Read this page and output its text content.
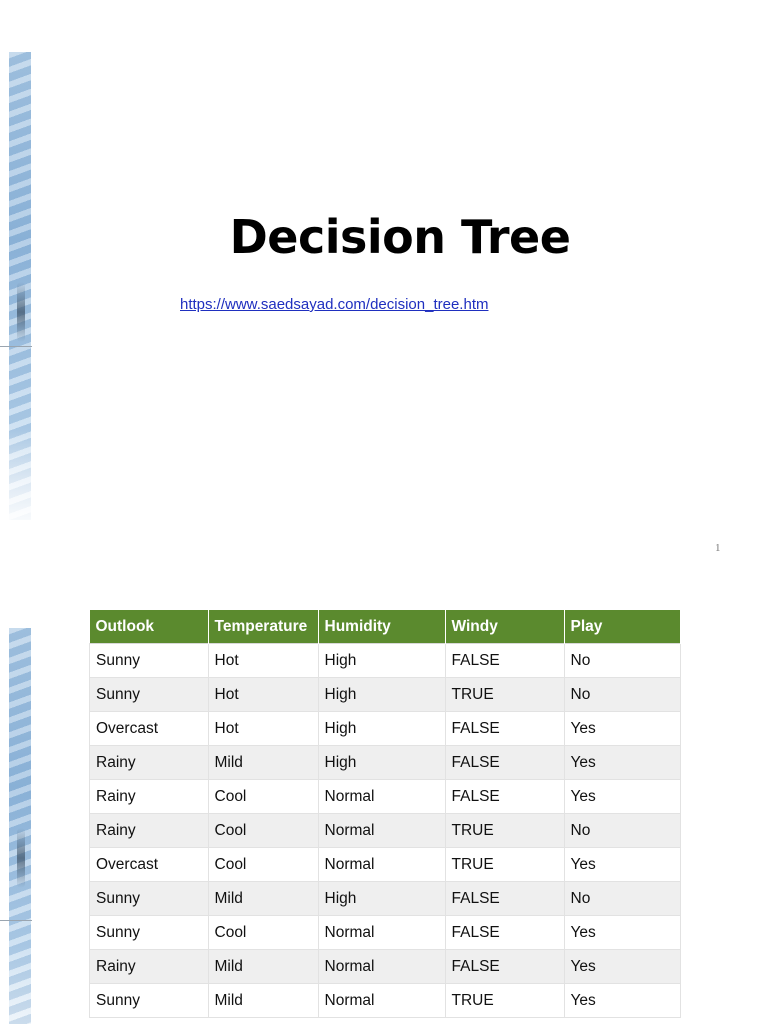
Decision Tree
https://www.saedsayad.com/decision_tree.htm
1
Outlook	Temperature	Humidity	Windy	Play
Sunny	Hot	High	FALSE	No
Sunny	Hot	High	TRUE	No
Overcast	Hot	High	FALSE	Yes
Rainy	Mild	High	FALSE	Yes
Rainy	Cool	Normal	FALSE	Yes
Rainy	Cool	Normal	TRUE	No
Overcast	Cool	Normal	TRUE	Yes
Sunny	Mild	High	FALSE	No
Sunny	Cool	Normal	FALSE	Yes
Rainy	Mild	Normal	FALSE	Yes
Sunny	Mild	Normal	TRUE	Yes
